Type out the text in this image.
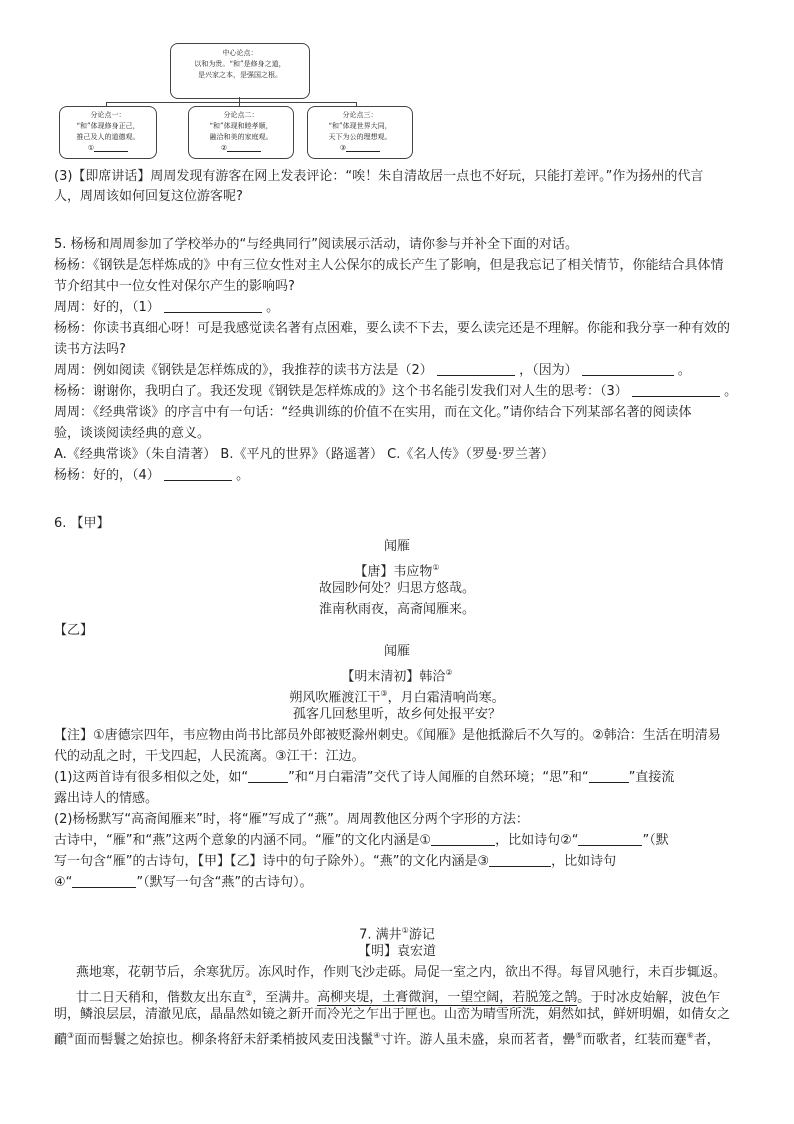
中心论点：
以和为贵。“和”是修身之道，
是兴家之本，是强国之根。
分论点一：
“和”体现修身正己，
推己及人的道德观。
①
分论点二：
“和”体现和睦孝顺，
融洽和美的家庭观。
②
分论点三：
“和”体现世界大同，
天下为公的理想观。
③
(3)【即席讲话】周周发现有游客在网上发表评论：“唉！朱自清故居一点也不好玩，只能打差评。”作为扬州的代言
人，周周该如何回复这位游客呢?
5. 杨杨和周周参加了学校举办的“与经典同行”阅读展示活动，请你参与并补全下面的对话。
杨杨：《钢铁是怎样炼成的》中有三位女性对主人公保尔的成长产生了影响，但是我忘记了相关情节，你能结合具体情
节介绍其中一位女性对保尔产生的影响吗?
周周：好的，（1）	。
杨杨：你读书真细心呀！可是我感觉读名著有点困难，要么读不下去，要么读完还是不理解。你能和我分享一种有效的
读书方法吗?
周周：例如阅读《钢铁是怎样炼成的》，我推荐的读书方法是（2）	，（因为）	。
杨杨：谢谢你，我明白了。我还发现《钢铁是怎样炼成的》这个书名能引发我们对人生的思考：（3）	。
周周：《经典常谈》的序言中有一句话：“经典训练的价值不在实用，而在文化。”请你结合下列某部名著的阅读体
验，谈谈阅读经典的意义。
A.《经典常谈》（朱自清著） B.《平凡的世界》（路遥著） C.《名人传》（罗曼·罗兰著）
杨杨：好的，（4）	。
6. 【甲】
闻雁
【唐】韦应物①
故园眇何处？归思方悠哉。
淮南秋雨夜，高斋闻雁来。
【乙】
闻雁
【明末清初】韩洽②
朔风吹雁渡江干③，月白霜清响尚寒。
孤客几回愁里听，故乡何处报平安？
【注】①唐德宗四年，韦应物由尚书比部员外郎被贬滁州刺史。《闻雁》是他抵滁后不久写的。②韩洽：生活在明清易
代的动乱之时，干戈四起，人民流离。③江干：江边。
(1)这两首诗有很多相似之处，如“	”和“月白霜清”交代了诗人闻雁的自然环境；“思”和“	”直接流
露出诗人的情感。
(2)杨杨默写“高斋闻雁来”时，将“雁”写成了“燕”。周周教他区分两个字形的方法：
古诗中，“雁”和“燕”这两个意象的内涵不同。“雁”的文化内涵是①	，比如诗句②“	”（默
写一句含“雁”的古诗句，【甲】【乙】诗中的句子除外）。“燕”的文化内涵是③	，比如诗句
④“	”（默写一句含“燕”的古诗句）。
7. 满井①游记
【明】袁宏道
燕地寒，花朝节后，余寒犹厉。冻风时作，作则飞沙走砾。局促一室之内，欲出不得。每冒风驰行，未百步辄返。
廿二日天稍和，偕数友出东直②，至满井。高柳夹堤，土膏微润，一望空阔，若脱笼之鹄。于时冰皮始解，波色乍
明，鳞浪层层，清澈见底，晶晶然如镜之新开而冷光之乍出于匣也。山峦为晴雪所洗，娟然如拭，鲜妍明媚，如倩女之
靧③面而髻鬟之始掠也。柳条将舒未舒柔梢披风麦田浅鬣④寸许。游人虽未盛，泉而茗者，罍⑤而歌者，红装而蹇⑥者，
